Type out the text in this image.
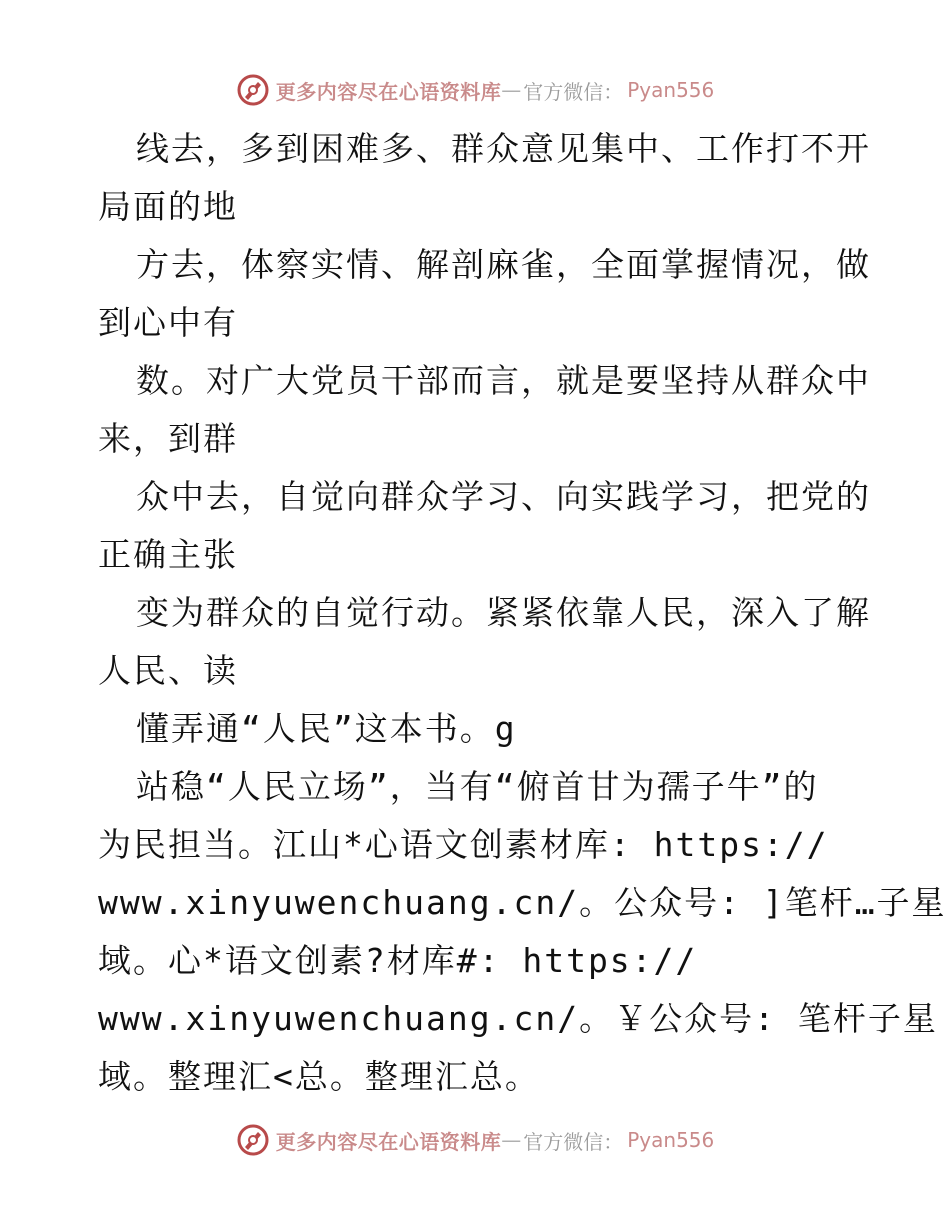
更多内容尽在心语资料库 — 官方微信： Pyan556
线去，多到困难多、群众意见集中、工作打不开
局面的地
方去，体察实情、解剖麻雀，全面掌握情况，做
到心中有
数。对广大党员干部而言，就是要坚持从群众中
来，到群
众中去，自觉向群众学习、向实践学习，把党的
正确主张
变为群众的自觉行动。紧紧依靠人民，深入了解
人民、读
懂弄通“人民”这本书。g
站稳“人民立场”，当有“俯首甘为孺子牛”的
为民担当。江山*心语文创素材库: https://
www.xinyuwenchuang.cn/。公众号: ]笔杆…子星
域。心*语文创素?材库#: https://
www.xinyuwenchuang.cn/。￥公众号: 笔杆子星
域。整理汇<总。整理汇总。
更多内容尽在心语资料库 — 官方微信： Pyan556
